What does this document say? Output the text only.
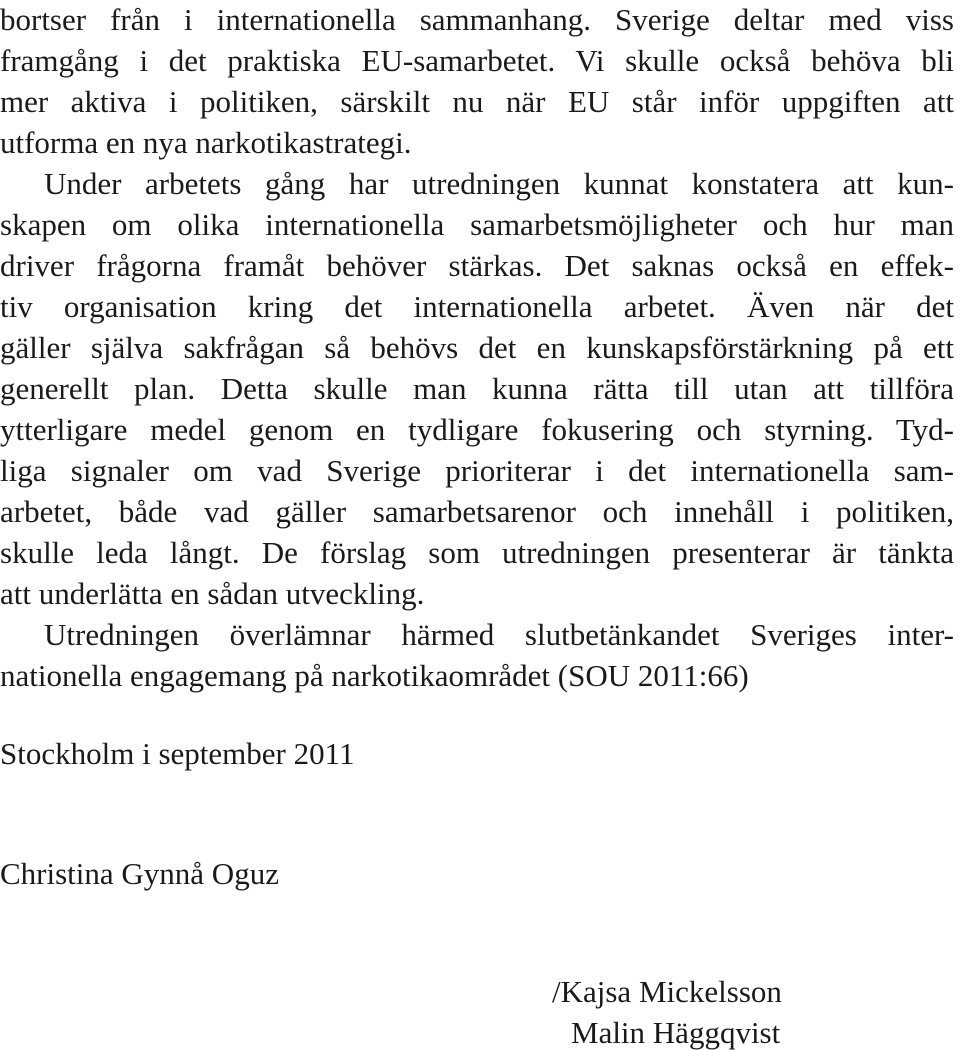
bortser från i internationella sammanhang. Sverige deltar med viss

framgång i det praktiska EU-samarbetet. Vi skulle också behöva bli

mer aktiva i politiken, särskilt nu när EU står inför uppgiften att

utforma en nya narkotikastrategi.

Under arbetets gång har utredningen kunnat konstatera att kun-

skapen om olika internationella samarbetsmöjligheter och hur man

driver frågorna framåt behöver stärkas. Det saknas också en effek-

tiv organisation kring det internationella arbetet. Även när det

gäller själva sakfrågan så behövs det en kunskapsförstärkning på ett

generellt plan. Detta skulle man kunna rätta till utan att tillföra

ytterligare medel genom en tydligare fokusering och styrning. Tyd-

liga signaler om vad Sverige prioriterar i det internationella sam-

arbetet, både vad gäller samarbetsarenor och innehåll i politiken,

skulle leda långt. De förslag som utredningen presenterar är tänkta

att underlätta en sådan utveckling.

Utredningen överlämnar härmed slutbetänkandet Sveriges inter-

nationella engagemang på narkotikaområdet (SOU 2011:66)

Stockholm i september 2011

Christina Gynnå Oguz

/Kajsa Mickelsson

Malin Häggqvist
